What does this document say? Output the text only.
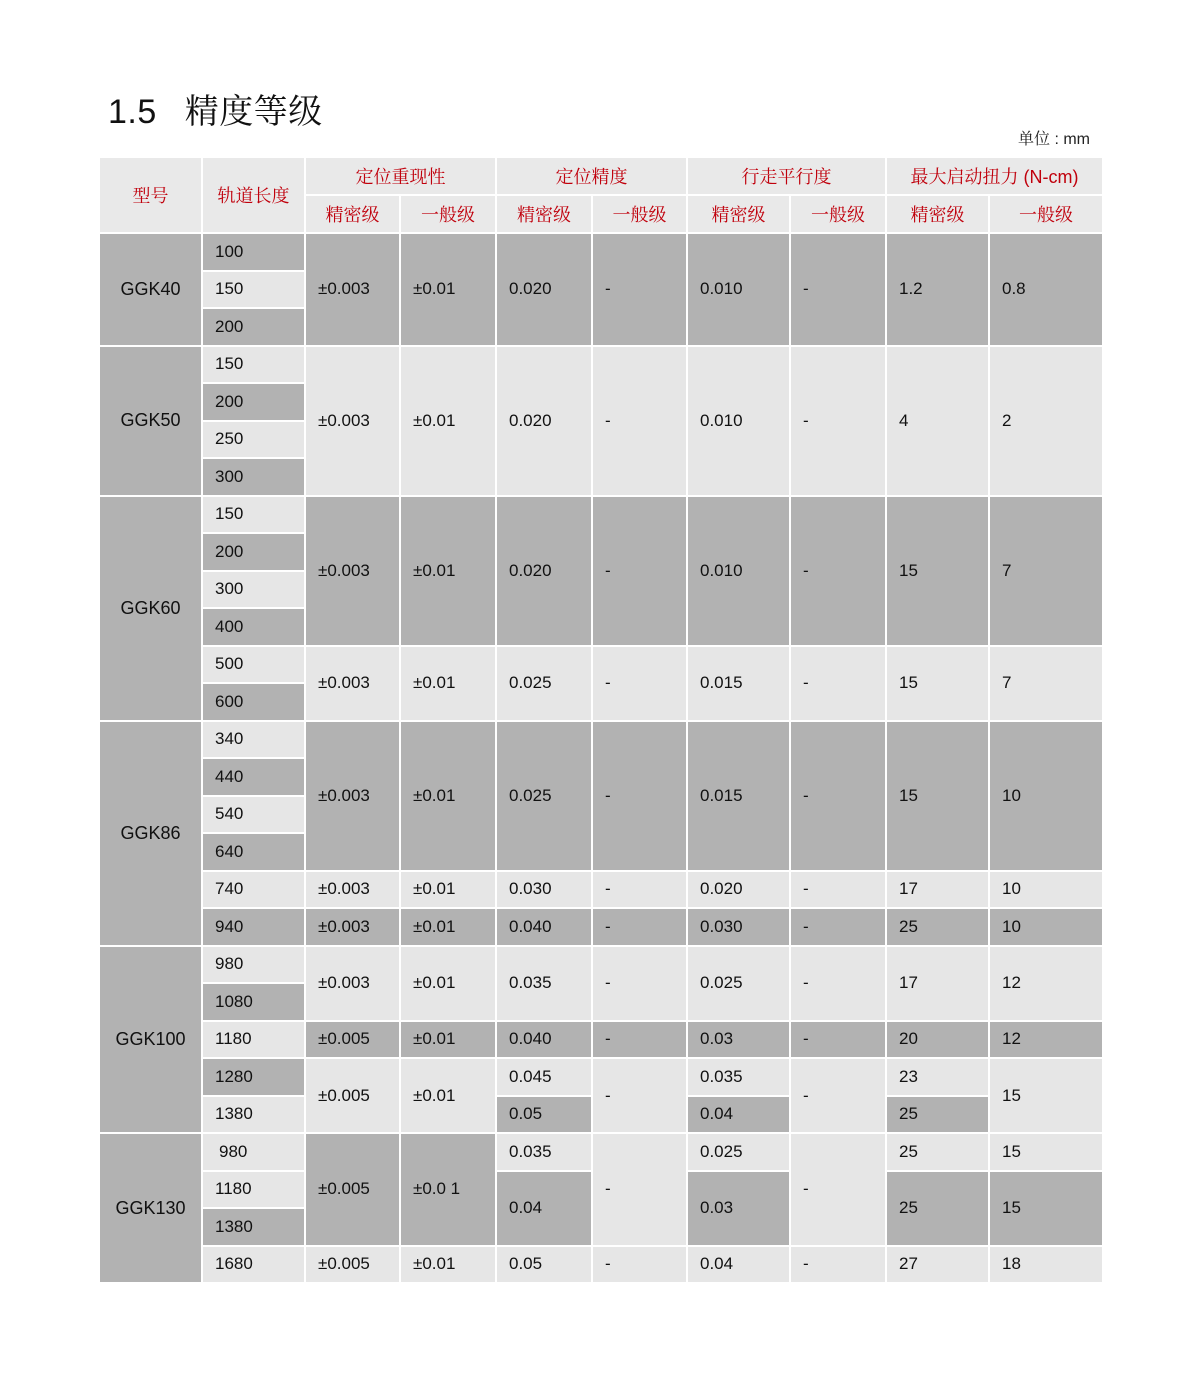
1.5 精度等级
单位 : mm
型号	轨道长度	定位重现性		定位精度		行走平行度		最大启动扭力 (N-cm)	
		精密级	一般级	精密级	一般级	精密级	一般级	精密级	一般级
GGK40	100	±0.003	±0.01	0.020	-	0.010	-	1.2	0.8
	150								
	200								
GGK50	150	±0.003	±0.01	0.020	-	0.010	-	4	2
	200								
	250								
	300								
GGK60	150	±0.003	±0.01	0.020	-	0.010	-	15	7
	200								
	300								
	400								
	500	±0.003	±0.01	0.025	-	0.015	-	15	7
	600								
GGK86	340	±0.003	±0.01	0.025	-	0.015	-	15	10
	440								
	540								
	640								
	740	±0.003	±0.01	0.030	-	0.020	-	17	10
	940	±0.003	±0.01	0.040	-	0.030	-	25	10
GGK100	980	±0.003	±0.01	0.035	-	0.025	-	17	12
	1080								
	1180	±0.005	±0.01	0.040	-	0.03	-	20	12
	1280	±0.005	±0.01	0.045	-	0.035	-	23	15
	1380			0.05		0.04		25	
GGK130	980	±0.005	±0.0 1	0.035	-	0.025	-	25	15
	1180			0.04		0.03		25	15
	1380								
	1680	±0.005	±0.01	0.05	-	0.04	-	27	18
